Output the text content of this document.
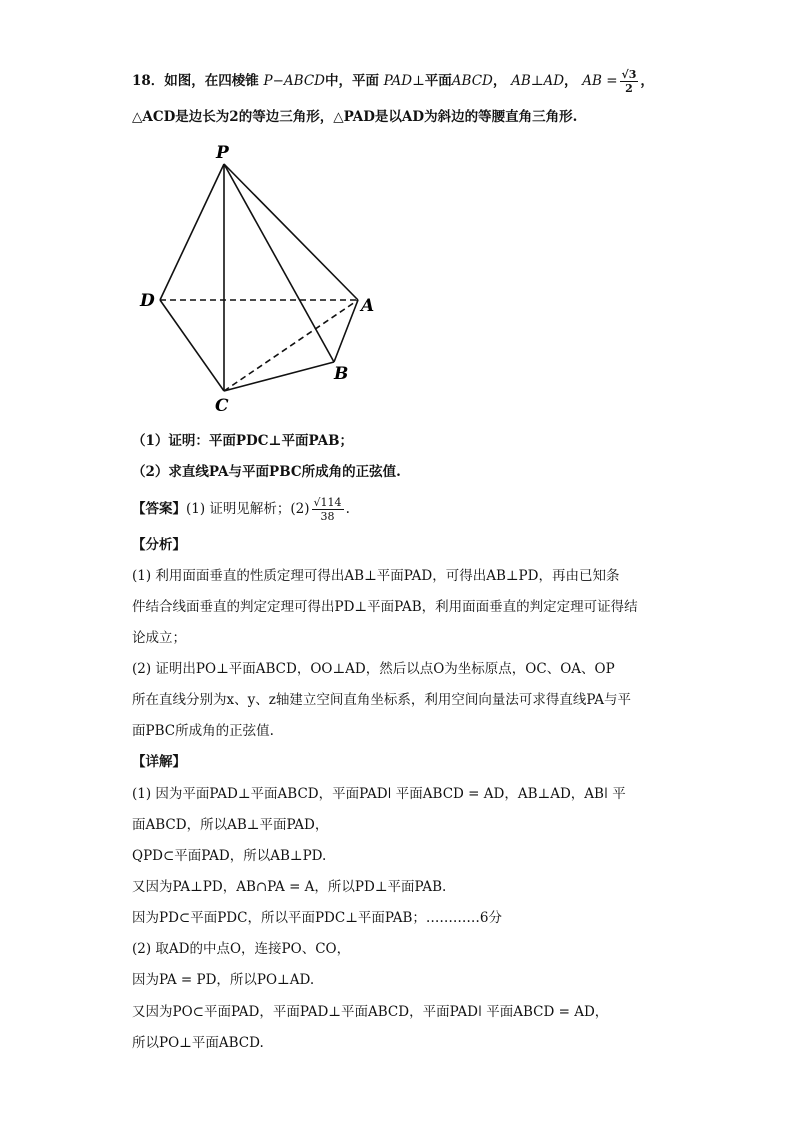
18．如图，在四棱锥 P−ABCD中，平面 PAD⊥平面ABCD， AB⊥AD， AB = $\frac{√3}{2}$ ，
△ACD是边长为2的等边三角形，△PAD是以AD为斜边的等腰直角三角形.
P
D	A
B
C
（1）证明：平面PDC⊥平面PAB；
（2）求直线PA与平面PBC所成角的正弦值.
【答案】(1) 证明见解析；$(2) \frac{√114}{38}$ .
【分析】
(1) 利用面面垂直的性质定理可得出AB⊥平面PAD，可得出AB⊥PD，再由已知条
件结合线面垂直的判定定理可得出PD⊥平面PAB，利用面面垂直的判定定理可证得结
论成立；
(2) 证明出PO⊥平面ABCD，OO⊥AD，然后以点O为坐标原点，OC、OA、OP
所在直线分别为x、y、z轴建立空间直角坐标系，利用空间向量法可求得直线PA与平
面PBC所成角的正弦值.
【详解】
(1) 因为平面PAD⊥平面ABCD，平面PADǀ 平面ABCD = AD，AB⊥AD，ABǀ 平
面ABCD，所以AB⊥平面PAD，
QPD⊂平面PAD，所以AB⊥PD.
又因为PA⊥PD，AB∩PA = A，所以PD⊥平面PAB.
因为PD⊂平面PDC，所以平面PDC⊥平面PAB；…………6分
(2) 取AD的中点O，连接PO、CO，
因为PA = PD，所以PO⊥AD.
又因为PO⊂平面PAD，平面PAD⊥平面ABCD，平面PADǀ 平面ABCD = AD，
所以PO⊥平面ABCD.
